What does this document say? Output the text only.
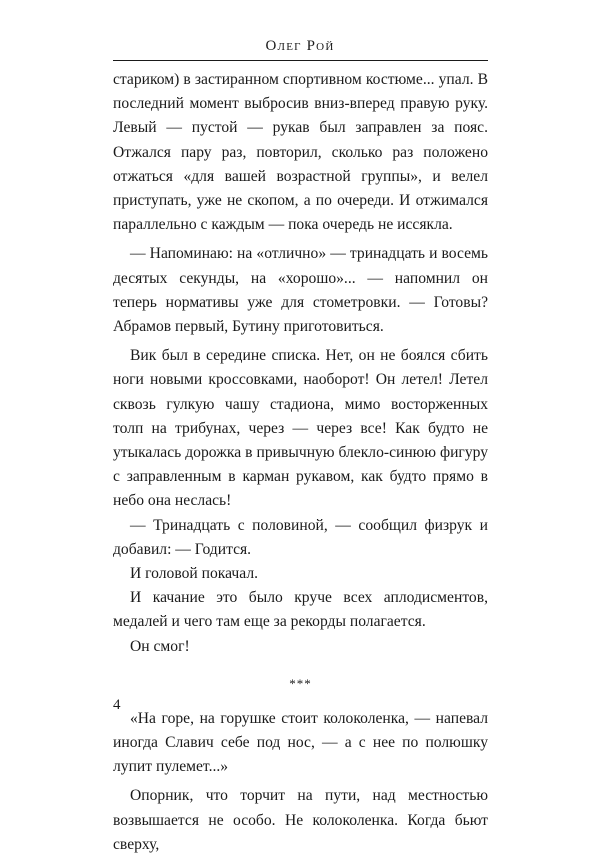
Олег Рой

стариком) в застиранном спортивном костюме... упал. В последний момент выбросив вниз-вперед правую руку. Левый — пустой — рукав был заправлен за пояс. Отжался пару раз, повторил, сколько раз положено отжаться «для вашей возрастной группы», и велел приступать, уже не скопом, а по очереди. И отжимался параллельно с каждым — пока очередь не иссякла.

— Напоминаю: на «отлично» — тринадцать и восемь десятых секунды, на «хорошо»... — напомнил он теперь нормативы уже для стометровки. — Готовы? Абрамов первый, Бутину приготовиться.

Вик был в середине списка. Нет, он не боялся сбить ноги новыми кроссовками, наоборот! Он летел! Летел сквозь гулкую чашу стадиона, мимо восторженных толп на трибунах, через — через все! Как будто не утыкалась дорожка в привычную блекло-синюю фигуру с заправленным в карман рукавом, как будто прямо в небо она неслась!

— Тринадцать с половиной, — сообщил физрук и добавил: — Годится.

И головой покачал.

И качание это было круче всех аплодисментов, медалей и чего там еще за рекорды полагается.

Он смог!

***

«На горе, на горушке стоит колоколенка, — напевал иногда Славич себе под нос, — а с нее по полюшку лупит пулемет...»

Опорник, что торчит на пути, над местностью возвышается не особо. Не колоколенка. Когда бьют сверху,

4
